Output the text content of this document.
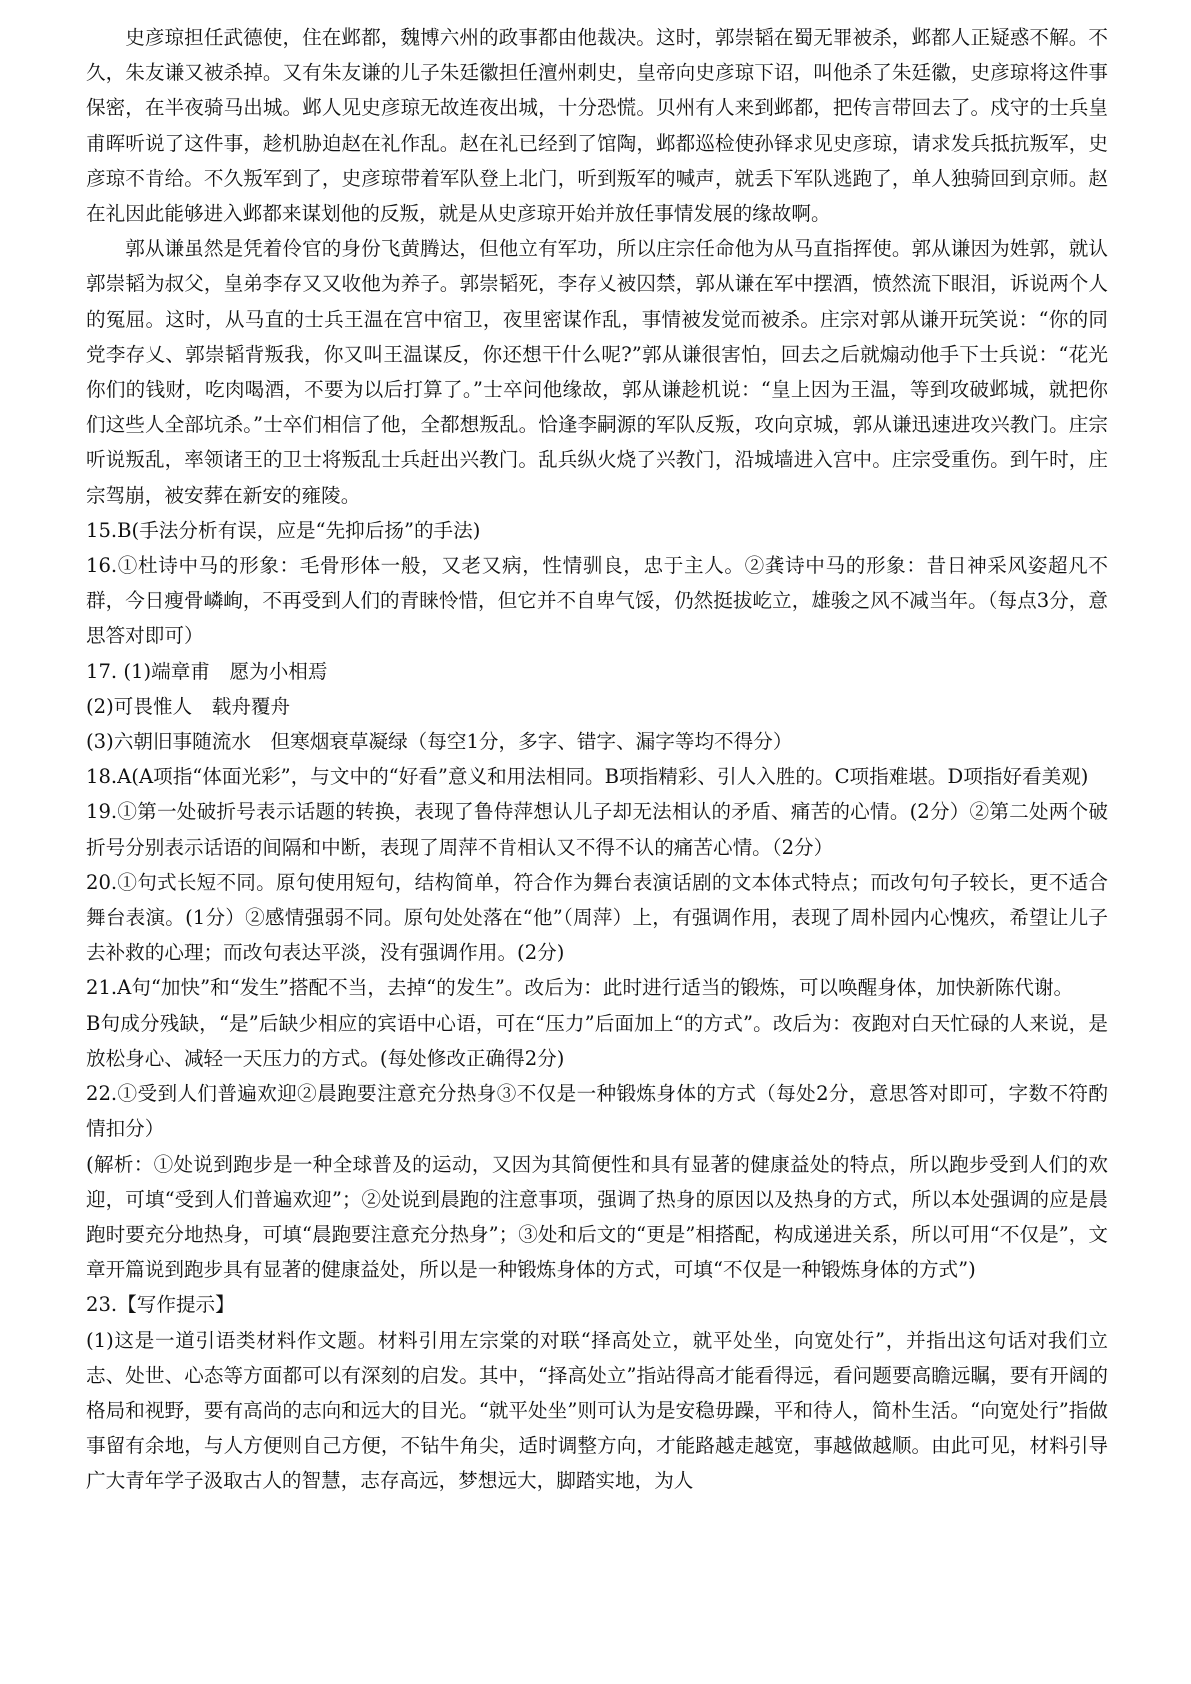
史彦琼担任武德使，住在邺都，魏博六州的政事都由他裁决。这时，郭崇韬在蜀无罪被杀，邺都人正疑惑不解。不久，朱友谦又被杀掉。又有朱友谦的儿子朱廷徽担任澶州刺史，皇帝向史彦琼下诏，叫他杀了朱廷徽，史彦琼将这件事保密，在半夜骑马出城。邺人见史彦琼无故连夜出城，十分恐慌。贝州有人来到邺都，把传言带回去了。戍守的士兵皇甫晖听说了这件事，趁机胁迫赵在礼作乱。赵在礼已经到了馆陶，邺都巡检使孙铎求见史彦琼，请求发兵抵抗叛军，史彦琼不肯给。不久叛军到了，史彦琼带着军队登上北门，听到叛军的喊声，就丢下军队逃跑了，单人独骑回到京师。赵在礼因此能够进入邺都来谋划他的反叛，就是从史彦琼开始并放任事情发展的缘故啊。

郭从谦虽然是凭着伶官的身份飞黄腾达，但他立有军功，所以庄宗任命他为从马直指挥使。郭从谦因为姓郭，就认郭崇韬为叔父，皇弟李存又又收他为养子。郭崇韬死，李存乂被囚禁，郭从谦在军中摆酒，愤然流下眼泪，诉说两个人的冤屈。这时，从马直的士兵王温在宫中宿卫，夜里密谋作乱，事情被发觉而被杀。庄宗对郭从谦开玩笑说：“你的同党李存乂、郭崇韬背叛我，你又叫王温谋反，你还想干什么呢?”郭从谦很害怕，回去之后就煽动他手下士兵说：“花光你们的钱财，吃肉喝酒，不要为以后打算了。”士卒问他缘故，郭从谦趁机说：“皇上因为王温，等到攻破邺城，就把你们这些人全部坑杀。”士卒们相信了他，全都想叛乱。恰逢李嗣源的军队反叛，攻向京城，郭从谦迅速进攻兴教门。庄宗听说叛乱，率领诸王的卫士将叛乱士兵赶出兴教门。乱兵纵火烧了兴教门，沿城墙进入宫中。庄宗受重伤。到午时，庄宗驾崩，被安葬在新安的雍陵。

15.B(手法分析有误，应是“先抑后扬”的手法)

16.①杜诗中马的形象：毛骨形体一般，又老又病，性情驯良，忠于主人。②龚诗中马的形象：昔日神采风姿超凡不群，今日瘦骨嶙峋，不再受到人们的青睐怜惜，但它并不自卑气馁，仍然挺拔屹立，雄骏之风不减当年。（每点3分，意思答对即可）

17. (1)端章甫　愿为小相焉

(2)可畏惟人　载舟覆舟

(3)六朝旧事随流水　但寒烟衰草凝绿（每空1分，多字、错字、漏字等均不得分）

18.A(A项指“体面光彩”，与文中的“好看”意义和用法相同。B项指精彩、引人入胜的。C项指难堪。D项指好看美观)

19.①第一处破折号表示话题的转换，表现了鲁侍萍想认儿子却无法相认的矛盾、痛苦的心情。(2分）②第二处两个破折号分别表示话语的间隔和中断，表现了周萍不肯相认又不得不认的痛苦心情。（2分）

20.①句式长短不同。原句使用短句，结构简单，符合作为舞台表演话剧的文本体式特点；而改句句子较长，更不适合舞台表演。(1分）②感情强弱不同。原句处处落在“他”（周萍）上，有强调作用，表现了周朴园内心愧疚，希望让儿子去补救的心理；而改句表达平淡，没有强调作用。(2分)

21.A句“加快”和“发生”搭配不当，去掉“的发生”。改后为：此时进行适当的锻炼，可以唤醒身体，加快新陈代谢。

B句成分残缺，“是”后缺少相应的宾语中心语，可在“压力”后面加上“的方式”。改后为：夜跑对白天忙碌的人来说，是放松身心、减轻一天压力的方式。(每处修改正确得2分)

22.①受到人们普遍欢迎②晨跑要注意充分热身③不仅是一种锻炼身体的方式（每处2分，意思答对即可，字数不符酌情扣分）

(解析：①处说到跑步是一种全球普及的运动，又因为其简便性和具有显著的健康益处的特点，所以跑步受到人们的欢迎，可填“受到人们普遍欢迎”；②处说到晨跑的注意事项，强调了热身的原因以及热身的方式，所以本处强调的应是晨跑时要充分地热身，可填“晨跑要注意充分热身”；③处和后文的“更是”相搭配，构成递进关系，所以可用“不仅是”，文章开篇说到跑步具有显著的健康益处，所以是一种锻炼身体的方式，可填“不仅是一种锻炼身体的方式”)

23.【写作提示】

(1)这是一道引语类材料作文题。材料引用左宗棠的对联“择高处立，就平处坐，向宽处行”，并指出这句话对我们立志、处世、心态等方面都可以有深刻的启发。其中，“择高处立”指站得高才能看得远，看问题要高瞻远瞩，要有开阔的格局和视野，要有高尚的志向和远大的目光。“就平处坐”则可认为是安稳毋躁，平和待人，简朴生活。“向宽处行”指做事留有余地，与人方便则自己方便，不钻牛角尖，适时调整方向，才能路越走越宽，事越做越顺。由此可见，材料引导广大青年学子汲取古人的智慧，志存高远，梦想远大，脚踏实地，为人
